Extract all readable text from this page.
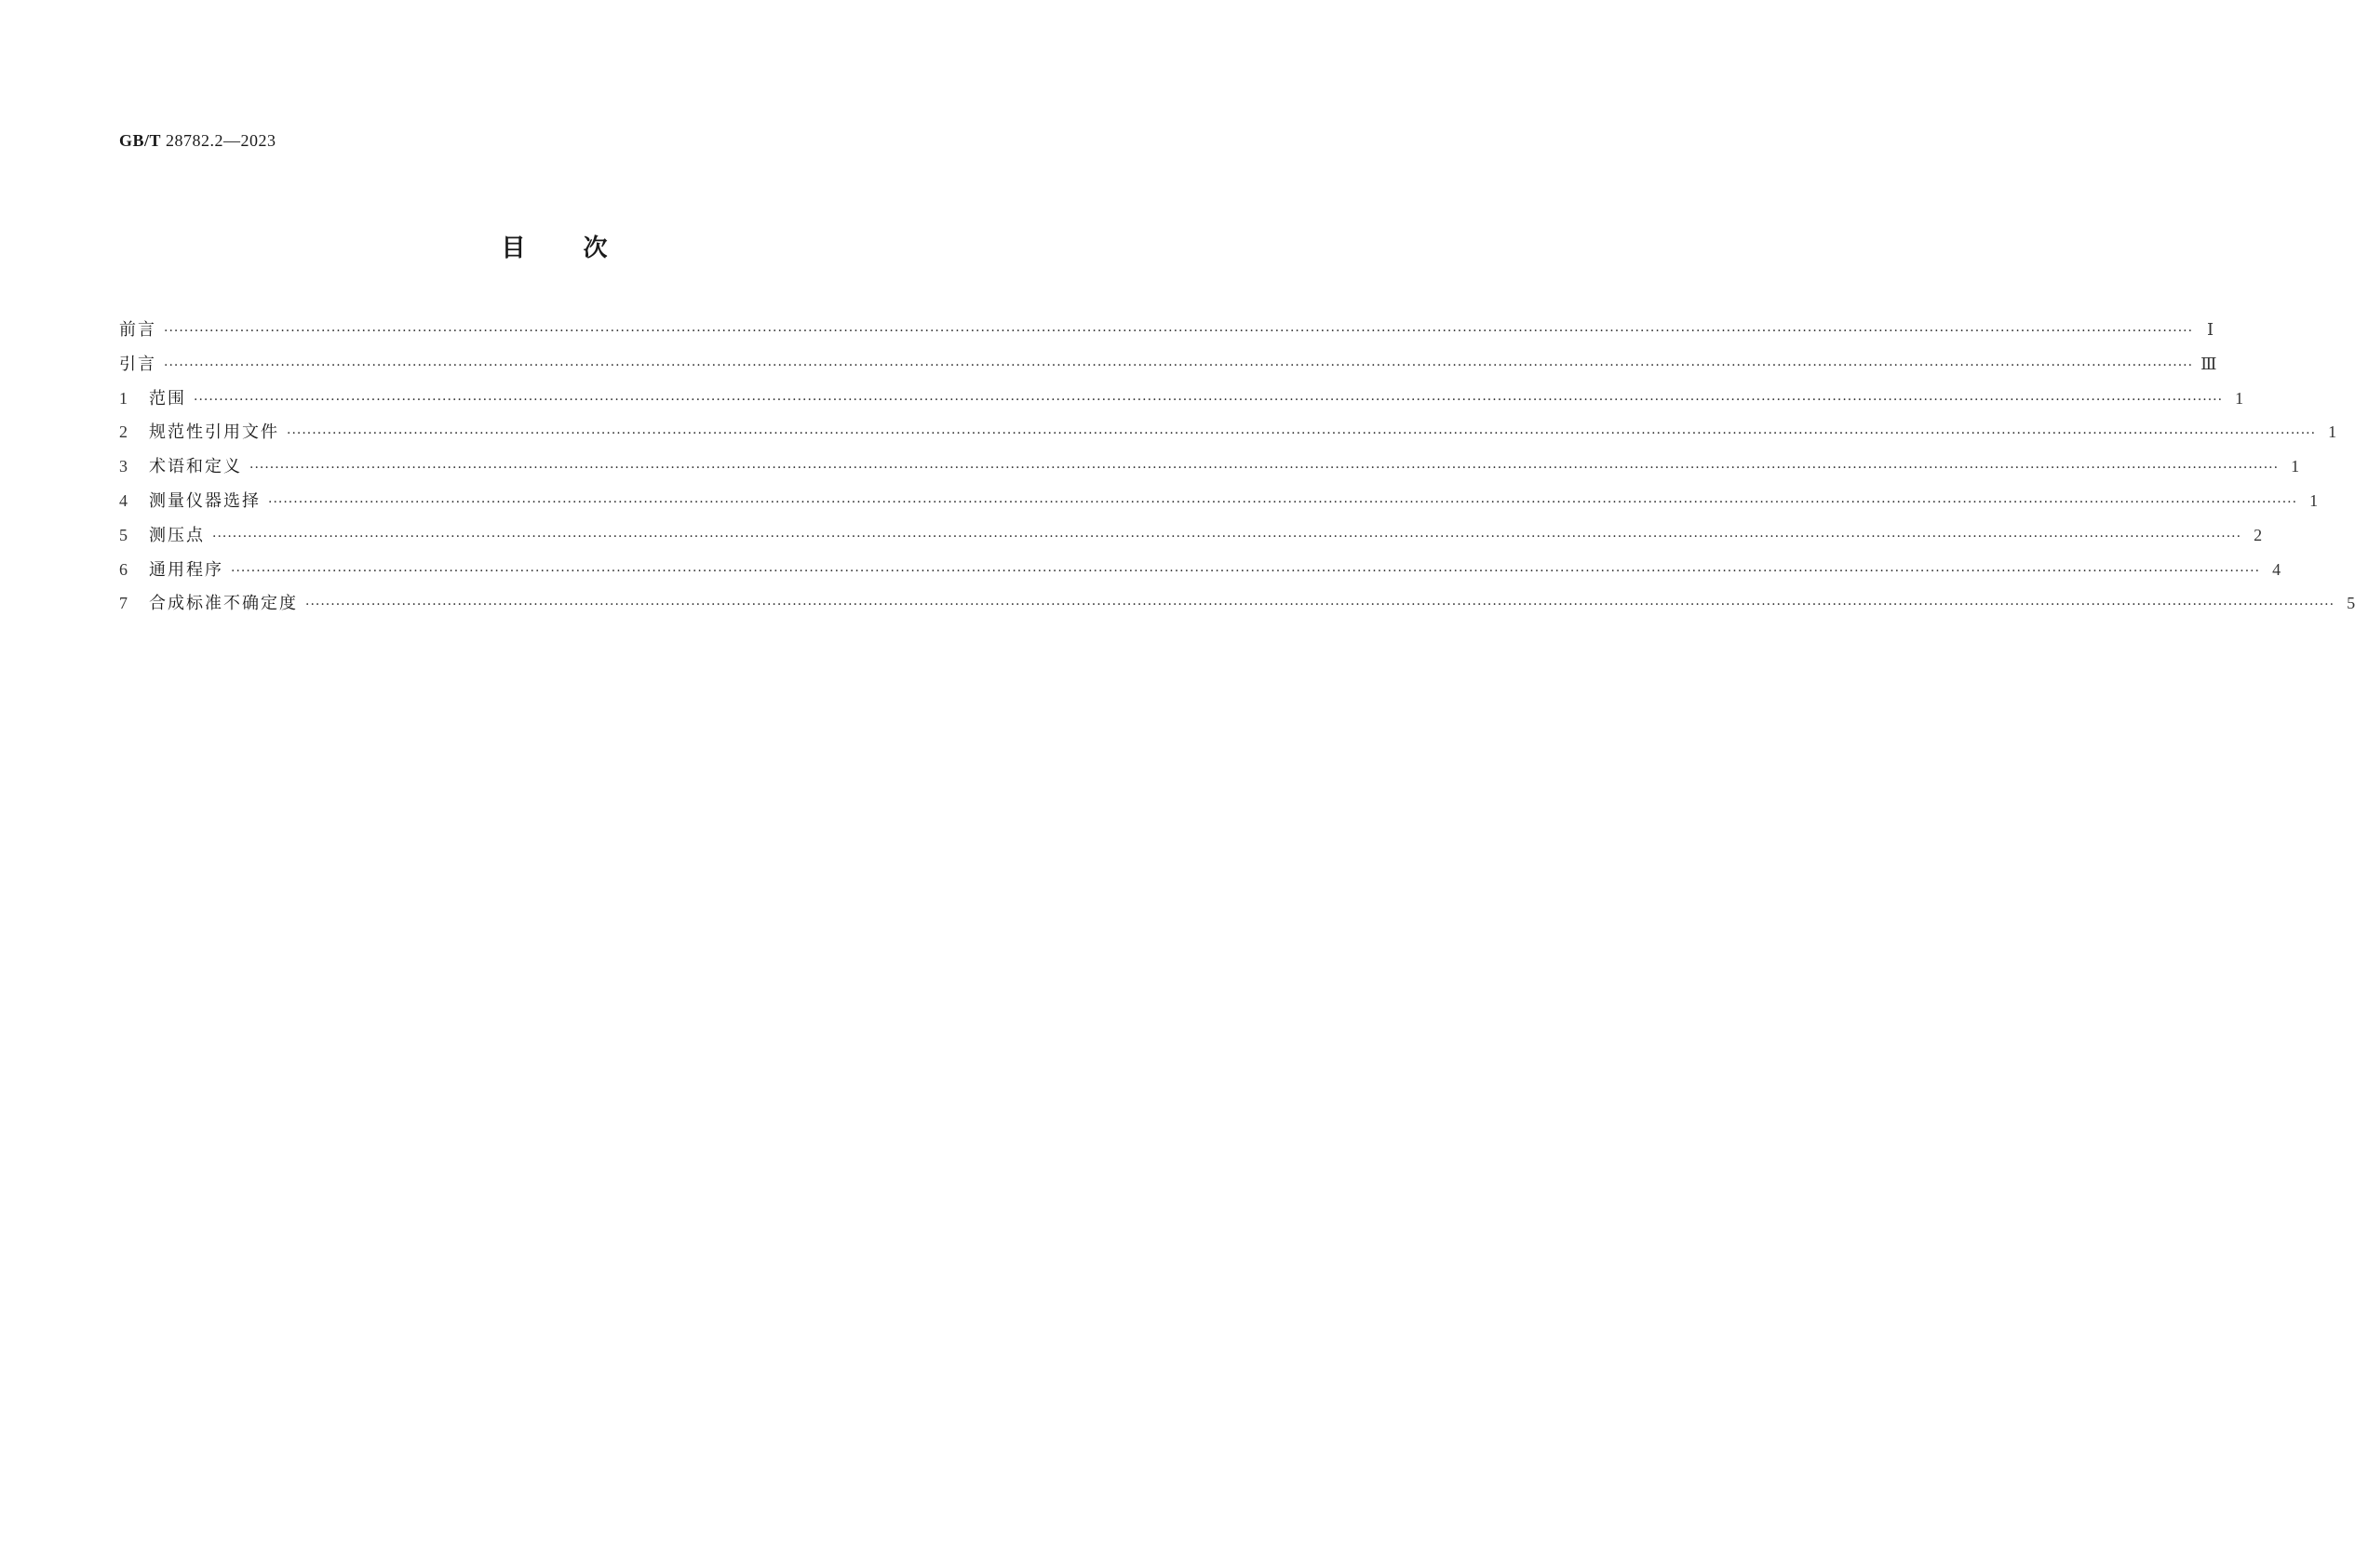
GB/T 28782.2—2023
目 次
前言 ················································································································································································································································································································································································································ Ⅰ
引言 ················································································································································································································································································································································································································ Ⅲ
1	范围 ················································································································································································································································································································································································································ 1
2	规范性引用文件 ················································································································································································································································································································································································································ 1
3	术语和定义 ················································································································································································································································································································································································································ 1
4	测量仪器选择 ················································································································································································································································································································································································································ 1
5	测压点 ················································································································································································································································································································································································································ 2
6	通用程序 ················································································································································································································································································································································································································ 4
7	合成标准不确定度 ················································································································································································································································································································································································································ 5
